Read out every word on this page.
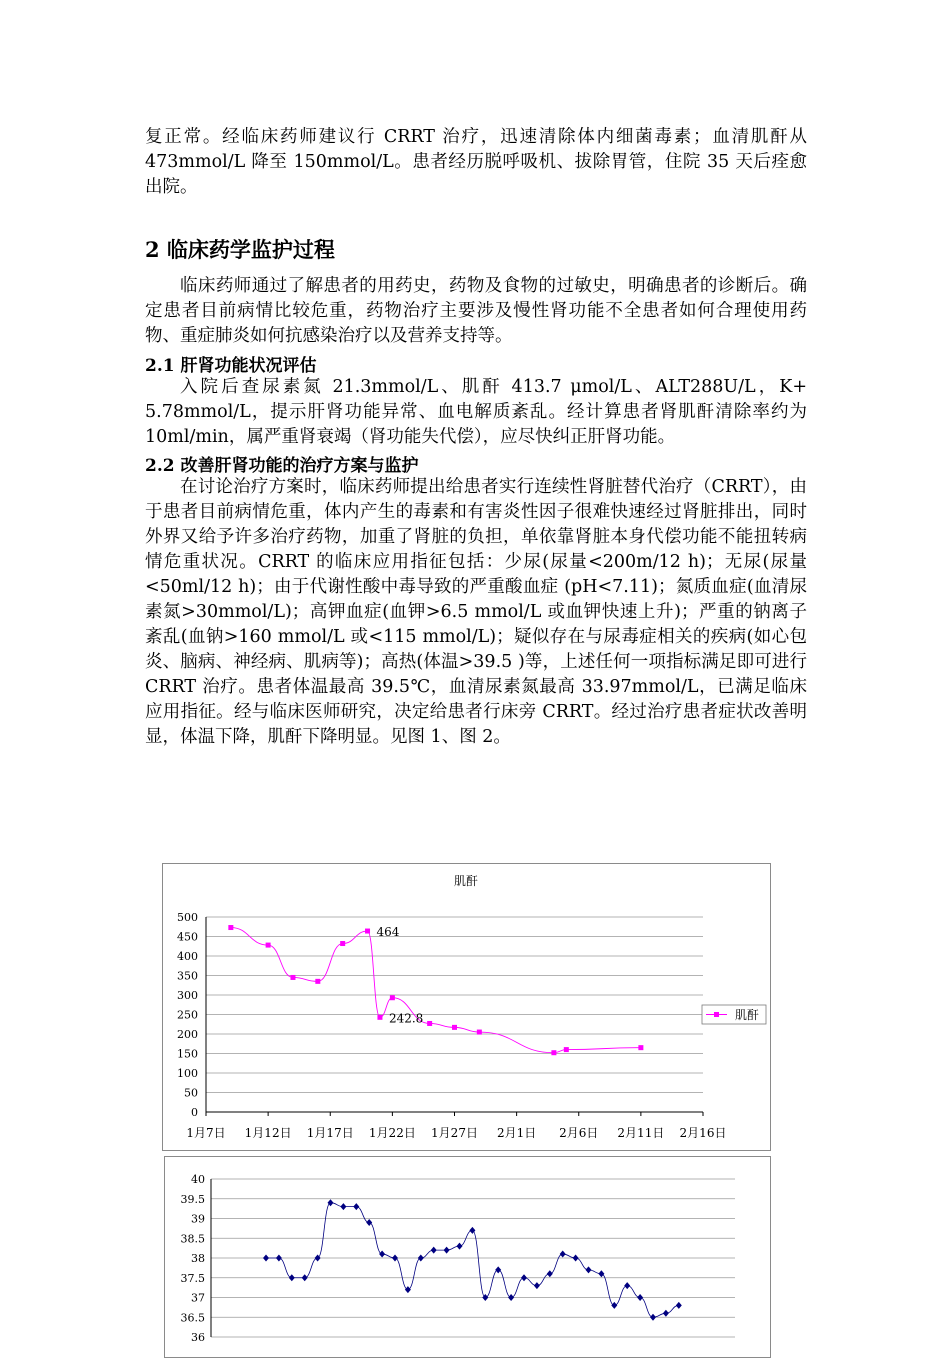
复正常。经临床药师建议行 CRRT 治疗，迅速清除体内细菌毒素；血清肌酐从 473mmol/L 降至 150mmol/L。患者经历脱呼吸机、拔除胃管，住院 35 天后痊愈出院。

2 临床药学监护过程

临床药师通过了解患者的用药史，药物及食物的过敏史，明确患者的诊断后。确定患者目前病情比较危重，药物治疗主要涉及慢性肾功能不全患者如何合理使用药物、重症肺炎如何抗感染治疗以及营养支持等。

2.1 肝肾功能状况评估

入院后查尿素氮 21.3mmol/L、肌酐 413.7 μmol/L、ALT288U/L，K+ 5.78mmol/L，提示肝肾功能异常、血电解质紊乱。经计算患者肾肌酐清除率约为 10ml/min，属严重肾衰竭（肾功能失代偿），应尽快纠正肝肾功能。

2.2 改善肝肾功能的治疗方案与监护

在讨论治疗方案时，临床药师提出给患者实行连续性肾脏替代治疗（CRRT），由于患者目前病情危重，体内产生的毒素和有害炎性因子很难快速经过肾脏排出，同时外界又给予许多治疗药物，加重了肾脏的负担，单依靠肾脏本身代偿功能不能扭转病情危重状况。CRRT 的临床应用指征包括：少尿(尿量<200m/12 h)；无尿(尿量<50ml/12 h)；由于代谢性酸中毒导致的严重酸血症 (pH<7.11)；氮质血症(血清尿素氮>30mmol/L)；高钾血症(血钾>6.5 mmol/L 或血钾快速上升)；严重的钠离子紊乱(血钠>160 mmol/L 或<115 mmol/L)；疑似存在与尿毒症相关的疾病(如心包炎、脑病、神经病、肌病等)；高热(体温>39.5 )等，上述任何一项指标满足即可进行 CRRT 治疗。患者体温最高 39.5℃，血清尿素氮最高 33.97mmol/L，已满足临床应用指征。经与临床医师研究，决定给患者行床旁 CRRT。经过治疗患者症状改善明显，体温下降，肌酐下降明显。见图 1、图 2。

肌酐
0
50
100
150
200
250
300
350
400
450
500
1月7日 1月12日 1月17日 1月22日 1月27日 2月1日 2月6日 2月11日 2月16日
464
242.8	肌酐
36
36.5
37
37.5
38
38.5
39
39.5
40
